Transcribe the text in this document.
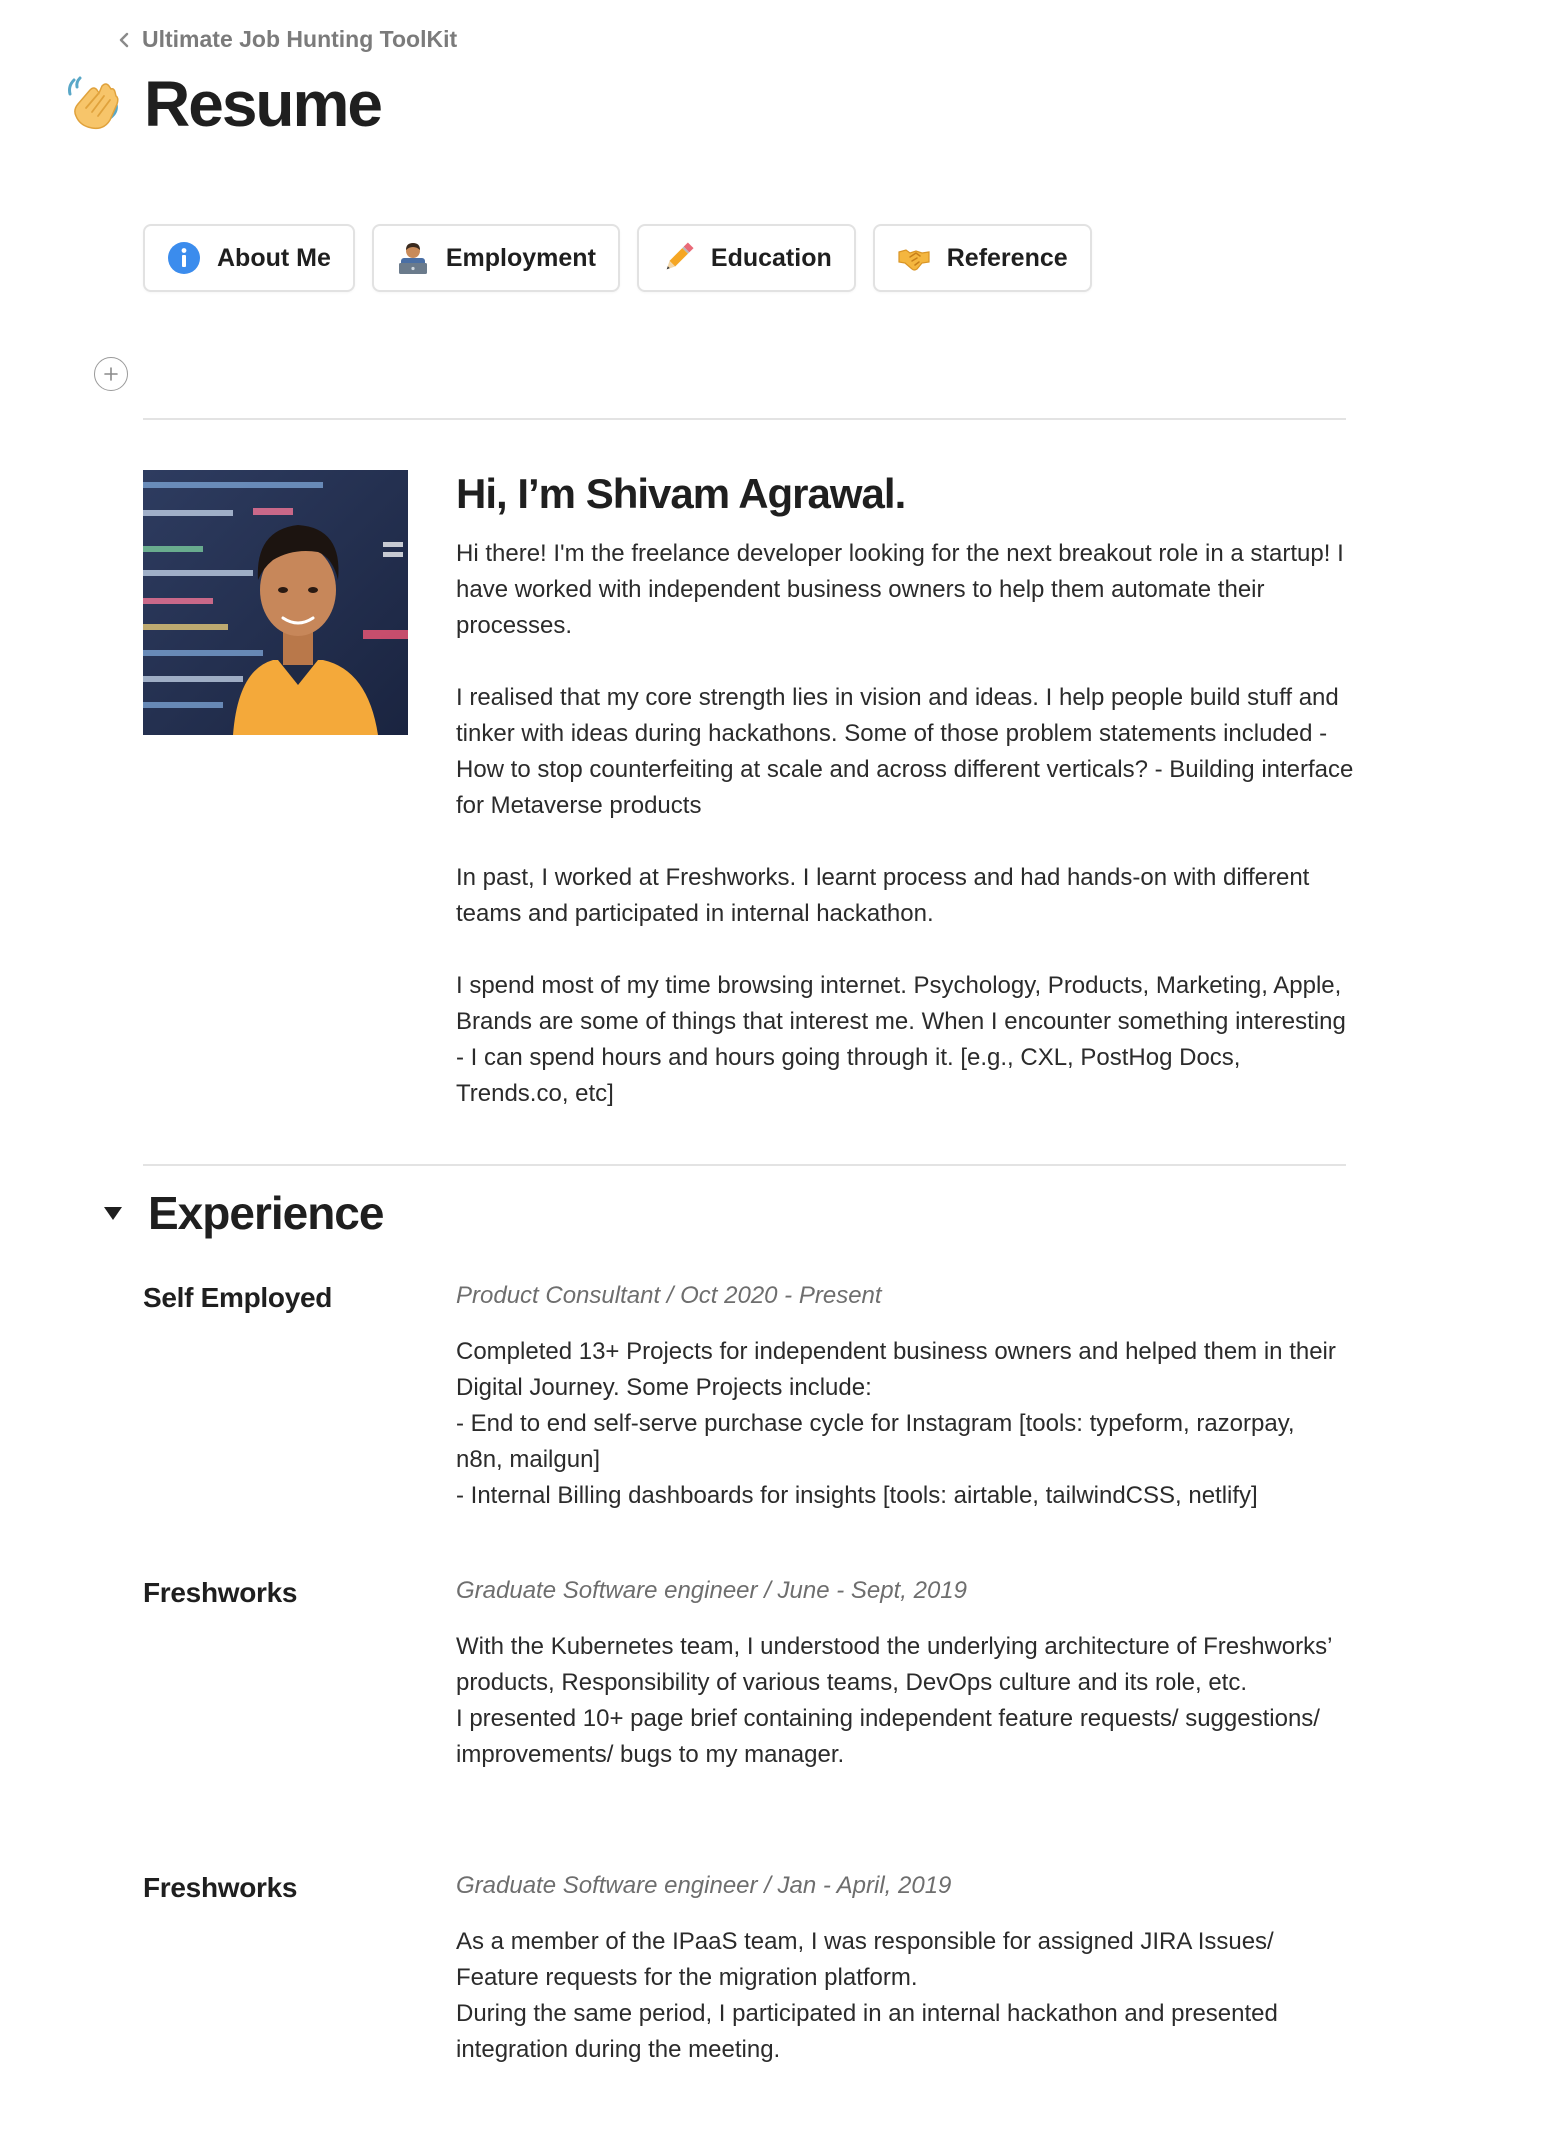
Ultimate Job Hunting ToolKit
Resume
About Me	Employment	Education	Reference
Hi, I’m Shivam Agrawal.

Hi there! I'm the freelance developer looking for the next breakout role in a startup! I have worked with independent business owners to help them automate their processes.

I realised that my core strength lies in vision and ideas. I help people build stuff and tinker with ideas during hackathons. Some of those problem statements included - How to stop counterfeiting at scale and across different verticals? - Building interface for Metaverse products

In past, I worked at Freshworks. I learnt process and had hands-on with different teams and participated in internal hackathon.

I spend most of my time browsing internet. Psychology, Products, Marketing, Apple, Brands are some of things that interest me. When I encounter something interesting - I can spend hours and hours going through it. [e.g., CXL, PostHog Docs, Trends.co, etc]

Experience
Self Employed	Product Consultant / Oct 2020 - Present
Completed 13+ Projects for independent business owners and helped them in their Digital Journey. Some Projects include:
- End to end self-serve purchase cycle for Instagram [tools: typeform, razorpay, n8n, mailgun]
- Internal Billing dashboards for insights [tools: airtable, tailwindCSS, netlify]
Freshworks	Graduate Software engineer / June - Sept, 2019
With the Kubernetes team, I understood the underlying architecture of Freshworks’ products, Responsibility of various teams, DevOps culture and its role, etc.
I presented 10+ page brief containing independent feature requests/ suggestions/ improvements/ bugs to my manager.
Freshworks	Graduate Software engineer / Jan - April, 2019
As a member of the IPaaS team, I was responsible for assigned JIRA Issues/ Feature requests for the migration platform.
During the same period, I participated in an internal hackathon and presented integration during the meeting.
